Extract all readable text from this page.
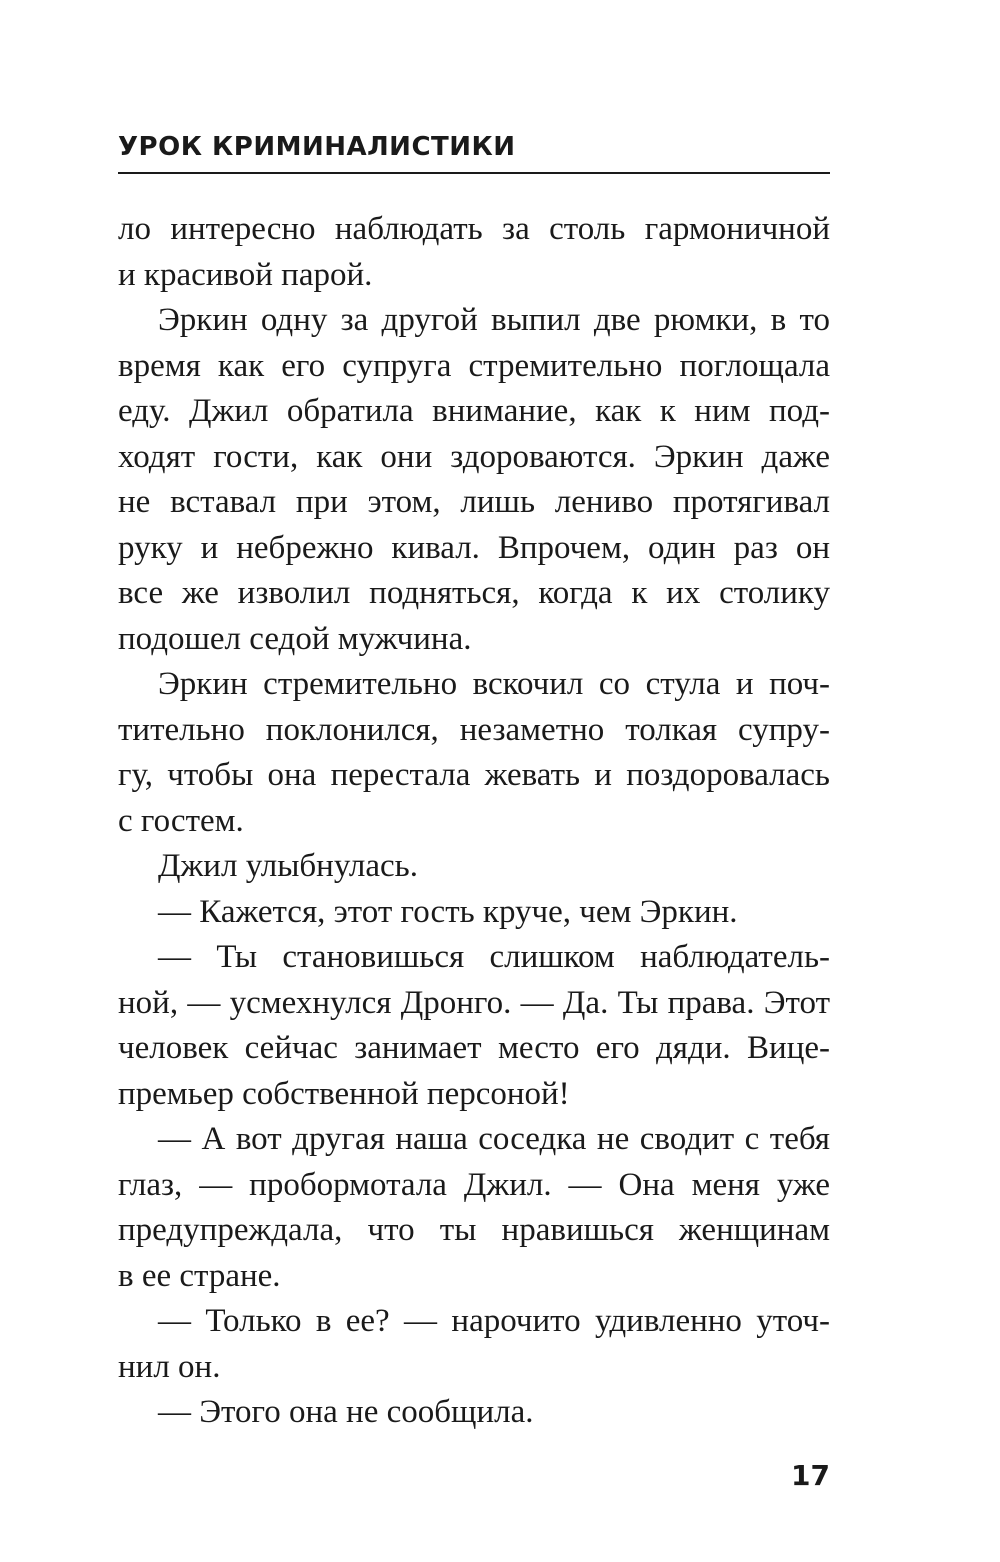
УРОК КРИМИНАЛИСТИКИ
ло интересно наблюдать за столь гармоничной
и красивой парой.
Эркин одну за другой выпил две рюмки, в то
время как его супруга стремительно поглощала
еду. Джил обратила внимание, как к ним под-
ходят гости, как они здороваются. Эркин даже
не вставал при этом, лишь лениво протягивал
руку и небрежно кивал. Впрочем, один раз он
все же изволил подняться, когда к их столику
подошел седой мужчина.
Эркин стремительно вскочил со стула и поч-
тительно поклонился, незаметно толкая супру-
гу, чтобы она перестала жевать и поздоровалась
с гостем.
Джил улыбнулась.
— Кажется, этот гость круче, чем Эркин.
— Ты становишься слишком наблюдатель-
ной, — усмехнулся Дронго. — Да. Ты права. Этот
человек сейчас занимает место его дяди. Вице-
премьер собственной персоной!
— А вот другая наша соседка не сводит с тебя
глаз, — пробормотала Джил. — Она меня уже
предупреждала, что ты нравишься женщинам
в ее стране.
— Только в ее? — нарочито удивленно уточ-
нил он.
— Этого она не сообщила.
17
